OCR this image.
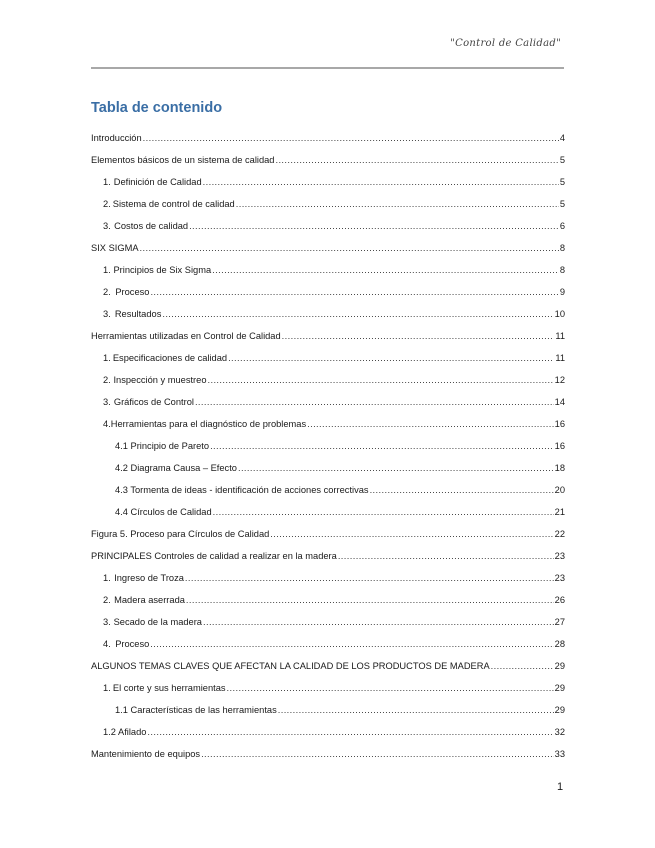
"Control de Calidad"
Tabla de contenido
Introducción .....	4
Elementos básicos de un sistema de calidad .....	5
1. Definición de Calidad .....	5
2. Sistema de control de calidad .....	5
3. Costos de calidad .....	6
SIX SIGMA .....	8
1. Principios de Six Sigma .....	8
2. Proceso .....	9
3. Resultados .....	10
Herramientas utilizadas en Control de Calidad .....	11
1. Especificaciones de calidad .....	11
2. Inspección y muestreo .....	12
3. Gráficos de Control .....	14
4. Herramientas para el diagnóstico de problemas .....	16
4.1 Principio de Pareto .....	16
4.2 Diagrama Causa – Efecto .....	18
4.3 Tormenta de ideas - identificación de acciones correctivas .....	20
4.4 Círculos de Calidad .....	21
Figura 5. Proceso para Círculos de Calidad .....	22
PRINCIPALES Controles de calidad a realizar en la madera .....	23
1. Ingreso de Troza .....	23
2. Madera aserrada .....	26
3. Secado de la madera .....	27
4. Proceso .....	28
ALGUNOS TEMAS CLAVES QUE AFECTAN LA CALIDAD DE LOS PRODUCTOS DE MADERA .....	29
1. El corte y sus herramientas .....	29
1.1 Características de las herramientas .....	29
1.2 Afilado .....	32
Mantenimiento de equipos .....	33
1
